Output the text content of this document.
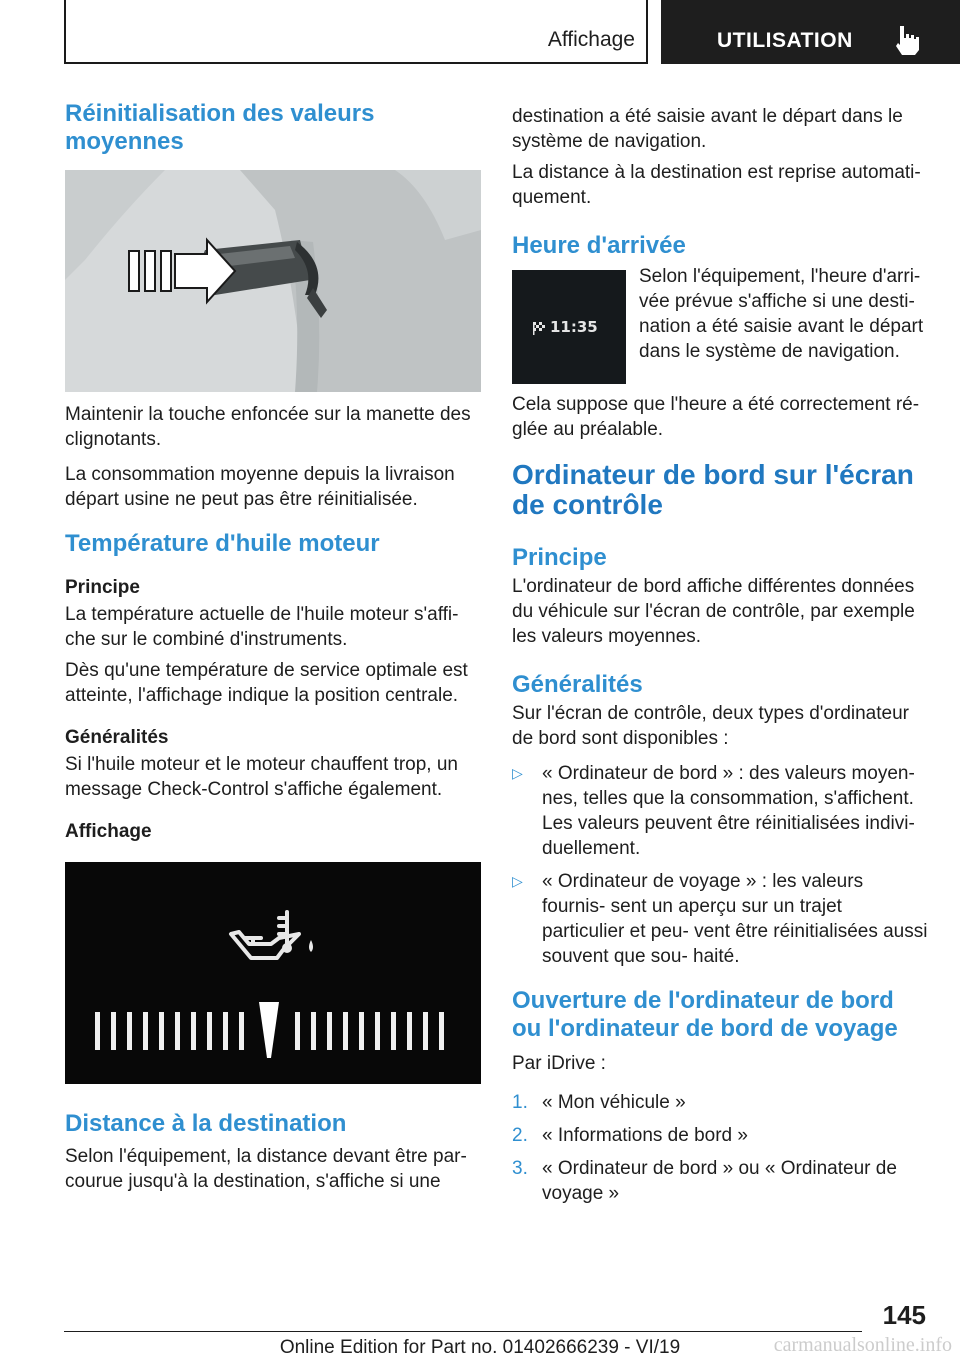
Affichage	UTILISATION
Réinitialisation des valeurs moyennes

Maintenir la touche enfoncée sur la manette des clignotants.

La consommation moyenne depuis la livraison départ usine ne peut pas être réinitialisée.

Température d'huile moteur
Principe

La température actuelle de l'huile moteur s'affi‐ che sur le combiné d'instruments.

Dès qu'une température de service optimale est atteinte, l'affichage indique la position centrale.

Généralités

Si l'huile moteur et le moteur chauffent trop, un message Check-Control s'affiche également.

Affichage
Distance à la destination

Selon l'équipement, la distance devant être par‐ courue jusqu'à la destination, s'affiche si une

destination a été saisie avant le départ dans le système de navigation.

La distance à la destination est reprise automati‐ quement.

Heure d'arrivée
11:35

Selon l'équipement, l'heure d'arri‐ vée prévue s'affiche si une desti‐ nation a été saisie avant le départ dans le système de navigation.

Cela suppose que l'heure a été correctement ré‐ glée au préalable.

Ordinateur de bord sur l'écran de contrôle
Principe

L'ordinateur de bord affiche différentes données du véhicule sur l'écran de contrôle, par exemple les valeurs moyennes.

Généralités

Sur l'écran de contrôle, deux types d'ordinateur de bord sont disponibles :

▷ « Ordinateur de bord » : des valeurs moyen‐ nes, telles que la consommation, s'affichent. Les valeurs peuvent être réinitialisées indivi‐ duellement.
▷ « Ordinateur de voyage » : les valeurs fournis‐ sent un aperçu sur un trajet particulier et peu‐ vent être réinitialisées aussi souvent que sou‐ haité.
Ouverture de l'ordinateur de bord ou l'ordinateur de bord de voyage

Par iDrive :

1. « Mon véhicule »
2. « Informations de bord »
3. « Ordinateur de bord » ou « Ordinateur de voyage »
145
Online Edition for Part no. 01402666239 - VI/19	carmanualsonline.info
